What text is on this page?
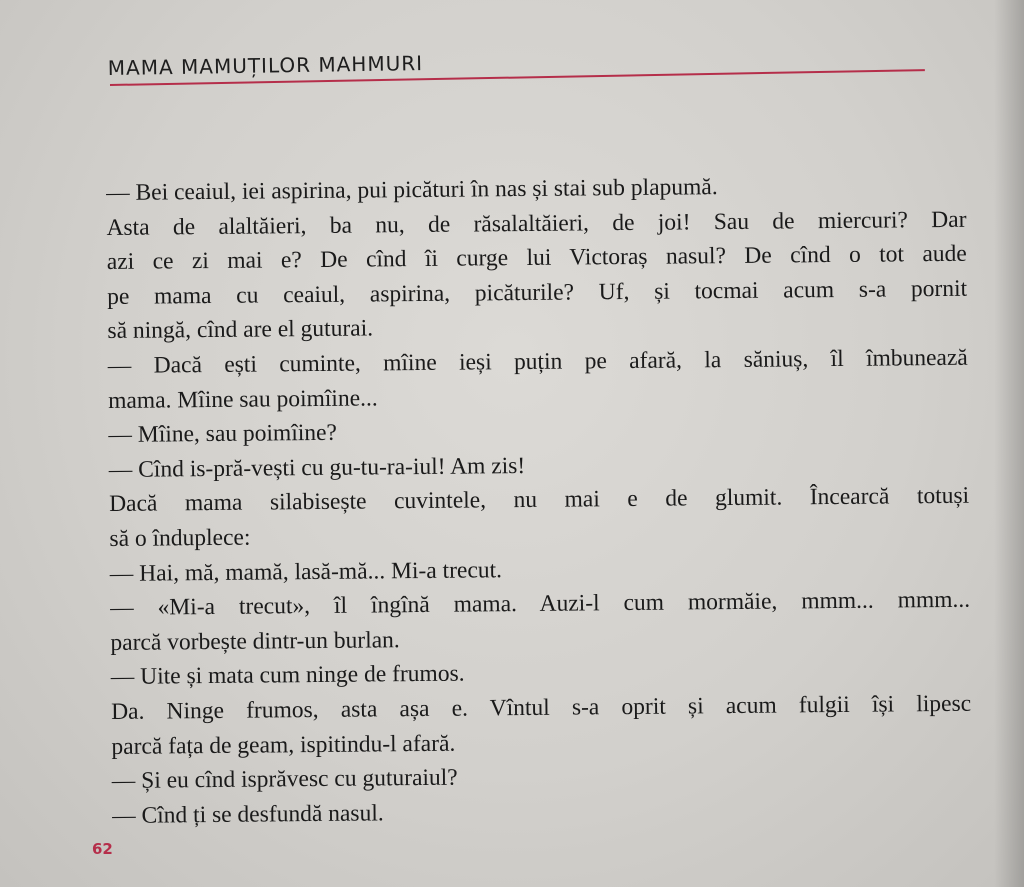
MAMA MAMUȚILOR MAHMURI
— Bei ceaiul, iei aspirina, pui picături în nas și stai sub plapumă.
Asta de alaltăieri, ba nu, de răsalaltăieri, de joi! Sau de miercuri? Dar
azi ce zi mai e? De cînd îi curge lui Victoraș nasul? De cînd o tot aude
pe mama cu ceaiul, aspirina, picăturile? Uf, și tocmai acum s-a pornit
să ningă, cînd are el guturai.
— Dacă ești cuminte, mîine ieși puțin pe afară, la săniuș, îl îmbunează
mama. Mîine sau poimîine...
— Mîine, sau poimîine?
— Cînd is-pră-vești cu gu-tu-ra-iul! Am zis!
Dacă mama silabisește cuvintele, nu mai e de glumit. Încearcă totuși
să o înduplece:
— Hai, mă, mamă, lasă-mă... Mi-a trecut.
— «Mi-a trecut», îl îngînă mama. Auzi-l cum mormăie, mmm... mmm...
parcă vorbește dintr-un burlan.
— Uite și mata cum ninge de frumos.
Da. Ninge frumos, asta așa e. Vîntul s-a oprit și acum fulgii își lipesc
parcă fața de geam, ispitindu-l afară.
— Și eu cînd isprăvesc cu guturaiul?
— Cînd ți se desfundă nasul.
62
